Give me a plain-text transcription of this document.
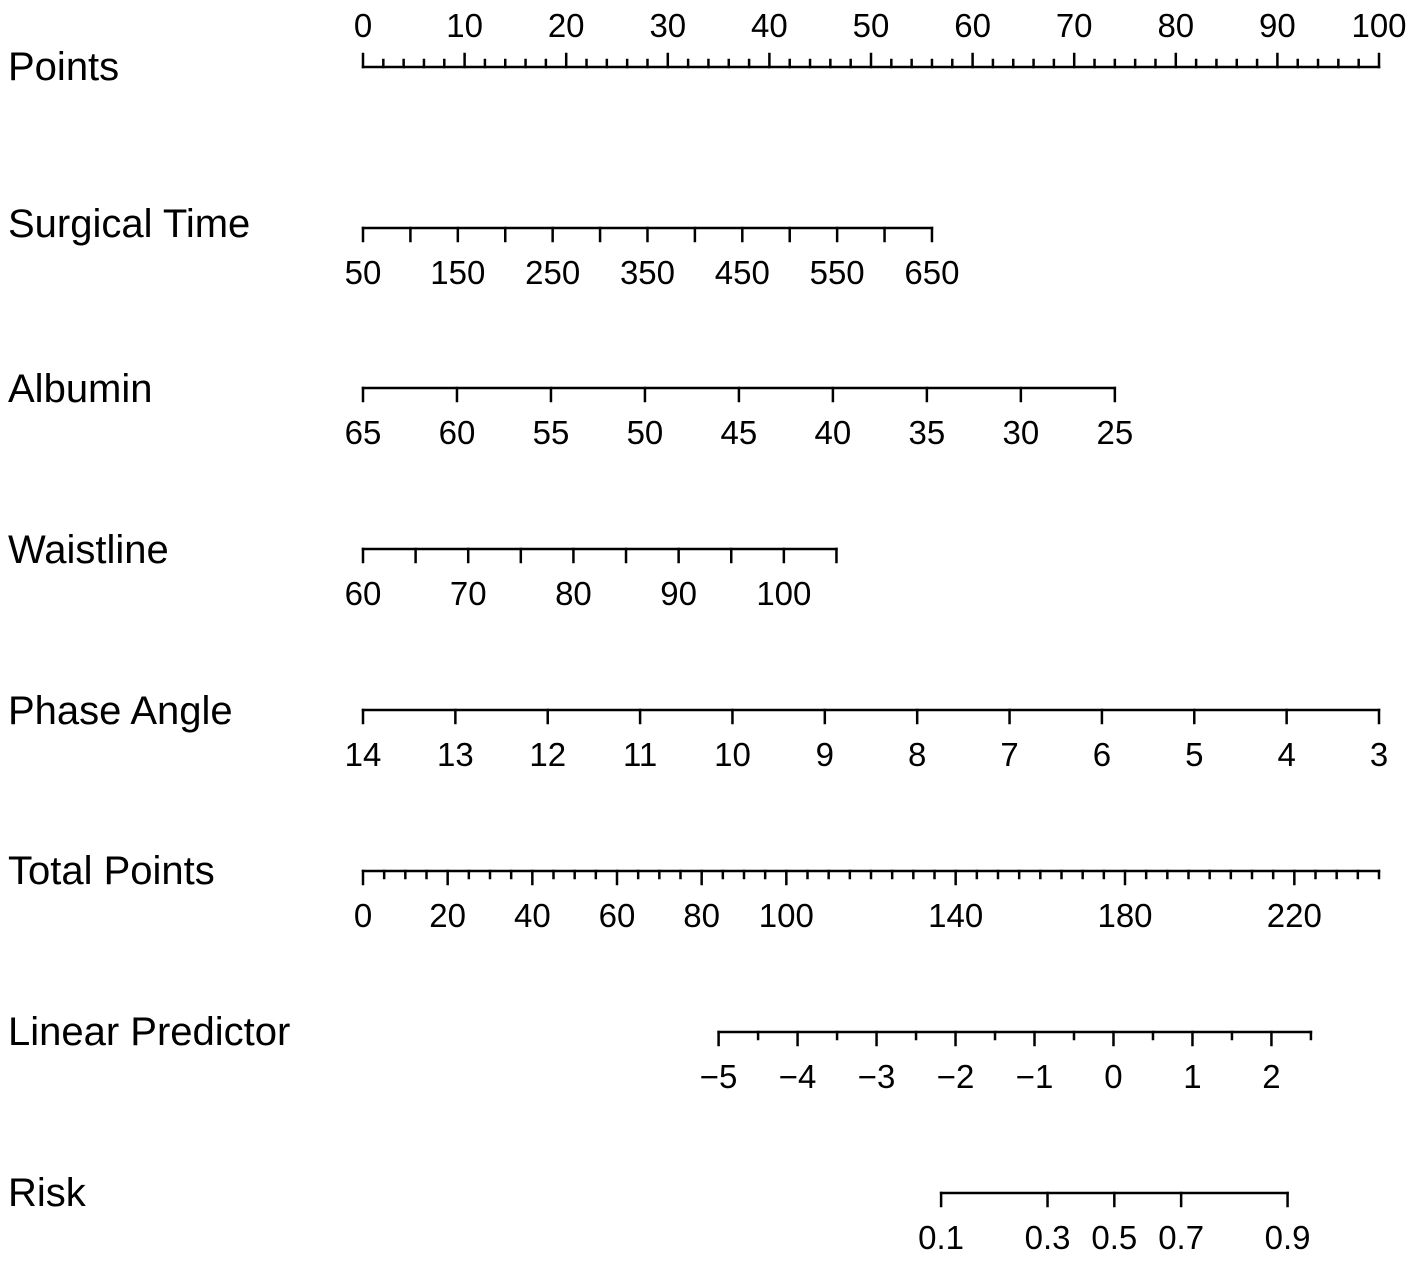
Points
0 10 20 30 40 50 60 70 80 90 100
Surgical Time
50 150 250 350 450 550 650
Albumin
65 60 55 50 45 40 35 30 25
Waistline
60 70 80 90 100
Phase Angle
14 13 12 11 10 9 8 7 6 5 4 3
Total Points
0 20 40 60 80 100	140	180	220
Linear Predictor
−5 −4 −3 −2 −1 0 1 2
Risk
0.1 0.3 0.5 0.7 0.9
